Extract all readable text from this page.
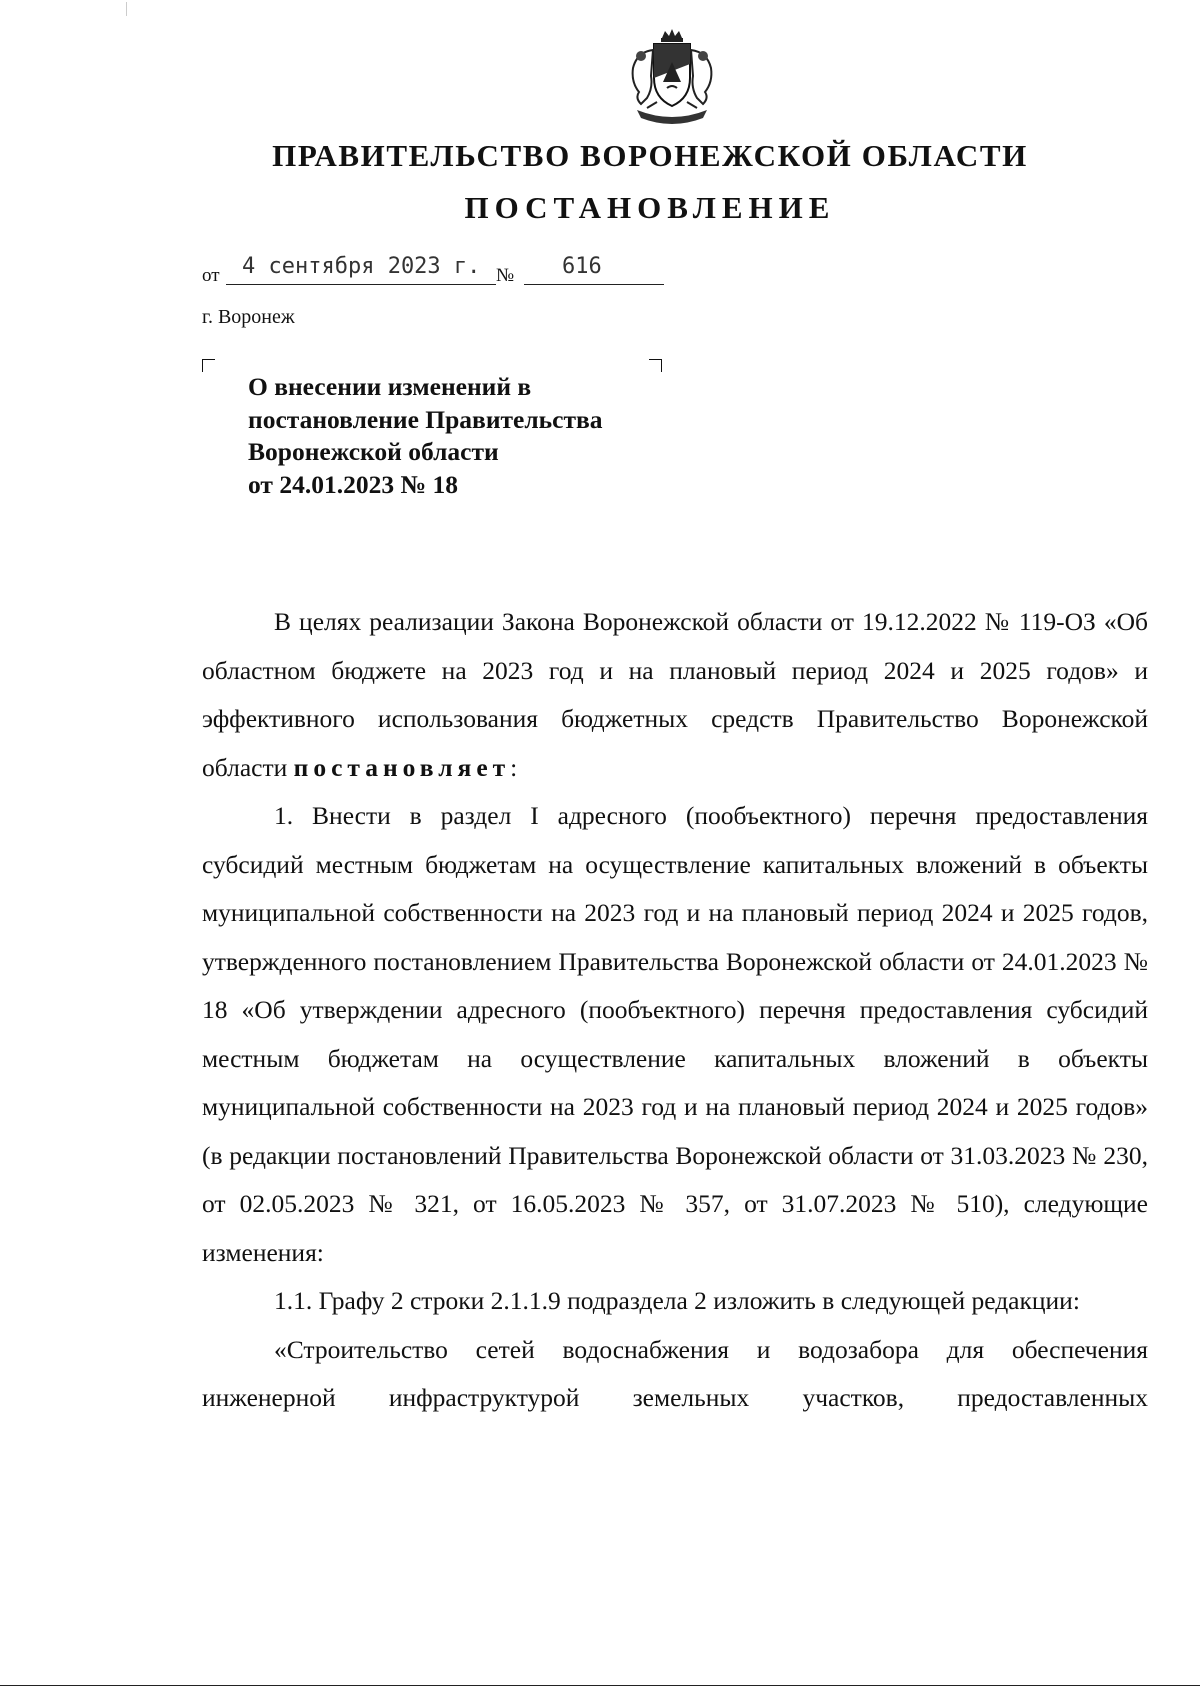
ПРАВИТЕЛЬСТВО ВОРОНЕЖСКОЙ ОБЛАСТИ
ПОСТАНОВЛЕНИЕ
от 4 сентября 2023 г. № 616
г. Воронеж
О внесении изменений в
постановление Правительства
Воронежской области
от 24.01.2023 № 18

В целях реализации Закона Воронежской области от 19.12.2022 № 119-ОЗ «Об областном бюджете на 2023 год и на плановый период 2024 и 2025 годов» и эффективного использования бюджетных средств Правительство Воронежской области постановляет:

1. Внести в раздел I адресного (пообъектного) перечня предоставления субсидий местным бюджетам на осуществление капитальных вложений в объекты муниципальной собственности на 2023 год и на плановый период 2024 и 2025 годов, утвержденного постановлением Правительства Воронежской области от 24.01.2023 № 18 «Об утверждении адресного (пообъектного) перечня предоставления субсидий местным бюджетам на осуществление капитальных вложений в объекты муниципальной собственности на 2023 год и на плановый период 2024 и 2025 годов» (в редакции постановлений Правительства Воронежской области от 31.03.2023 № 230, от 02.05.2023 № 321, от 16.05.2023 № 357, от 31.07.2023 № 510), следующие изменения:

1.1. Графу 2 строки 2.1.1.9 подраздела 2 изложить в следующей редакции:

«Строительство сетей водоснабжения и водозабора для обеспечения инженерной инфраструктурой земельных участков, предоставленных
